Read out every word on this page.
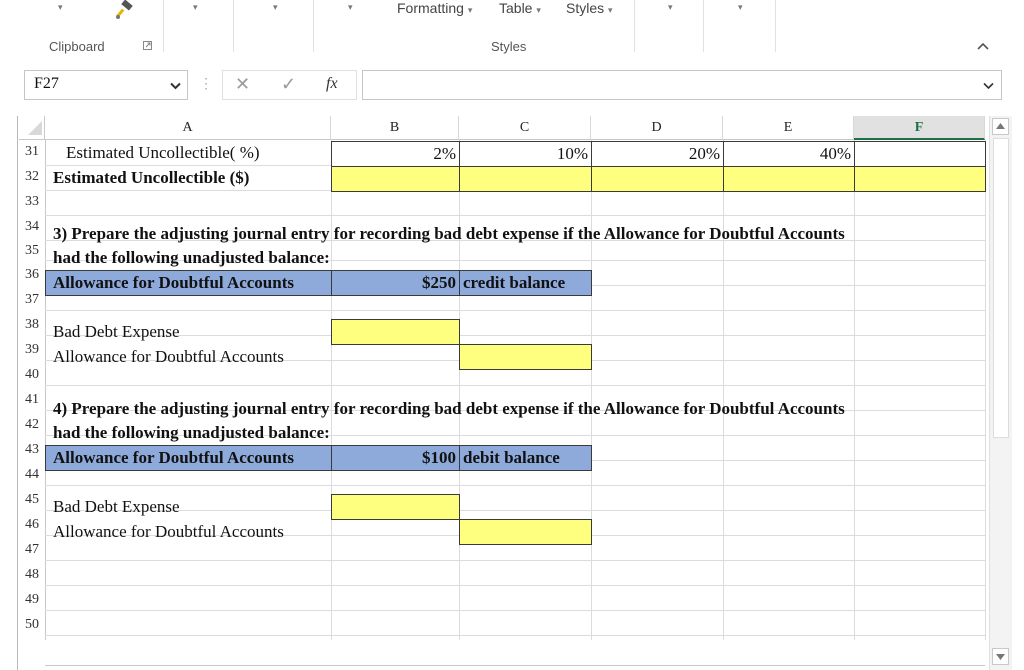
▾	▾	▾	▾	Formatting ▾ Table ▾ Styles ▾	▾	▾
Clipboard	Styles
F27	⋮ ✕ ✓ fx
A	B	C	D	E	F
31
32
33
34
35
36
37
38
39
40
41
42
43
44
45
46
47
48
49
50
Estimated Uncollectible( %)	2%	10%	20%	40%
Estimated Uncollectible ($)
3) Prepare the adjusting journal entry for recording bad debt expense if the Allowance for Doubtful Accounts
had the following unadjusted balance:
Allowance for Doubtful Accounts	$250 credit balance
Bad Debt Expense
Allowance for Doubtful Accounts
4) Prepare the adjusting journal entry for recording bad debt expense if the Allowance for Doubtful Accounts
had the following unadjusted balance:
Allowance for Doubtful Accounts	$100 debit balance
Bad Debt Expense
Allowance for Doubtful Accounts
